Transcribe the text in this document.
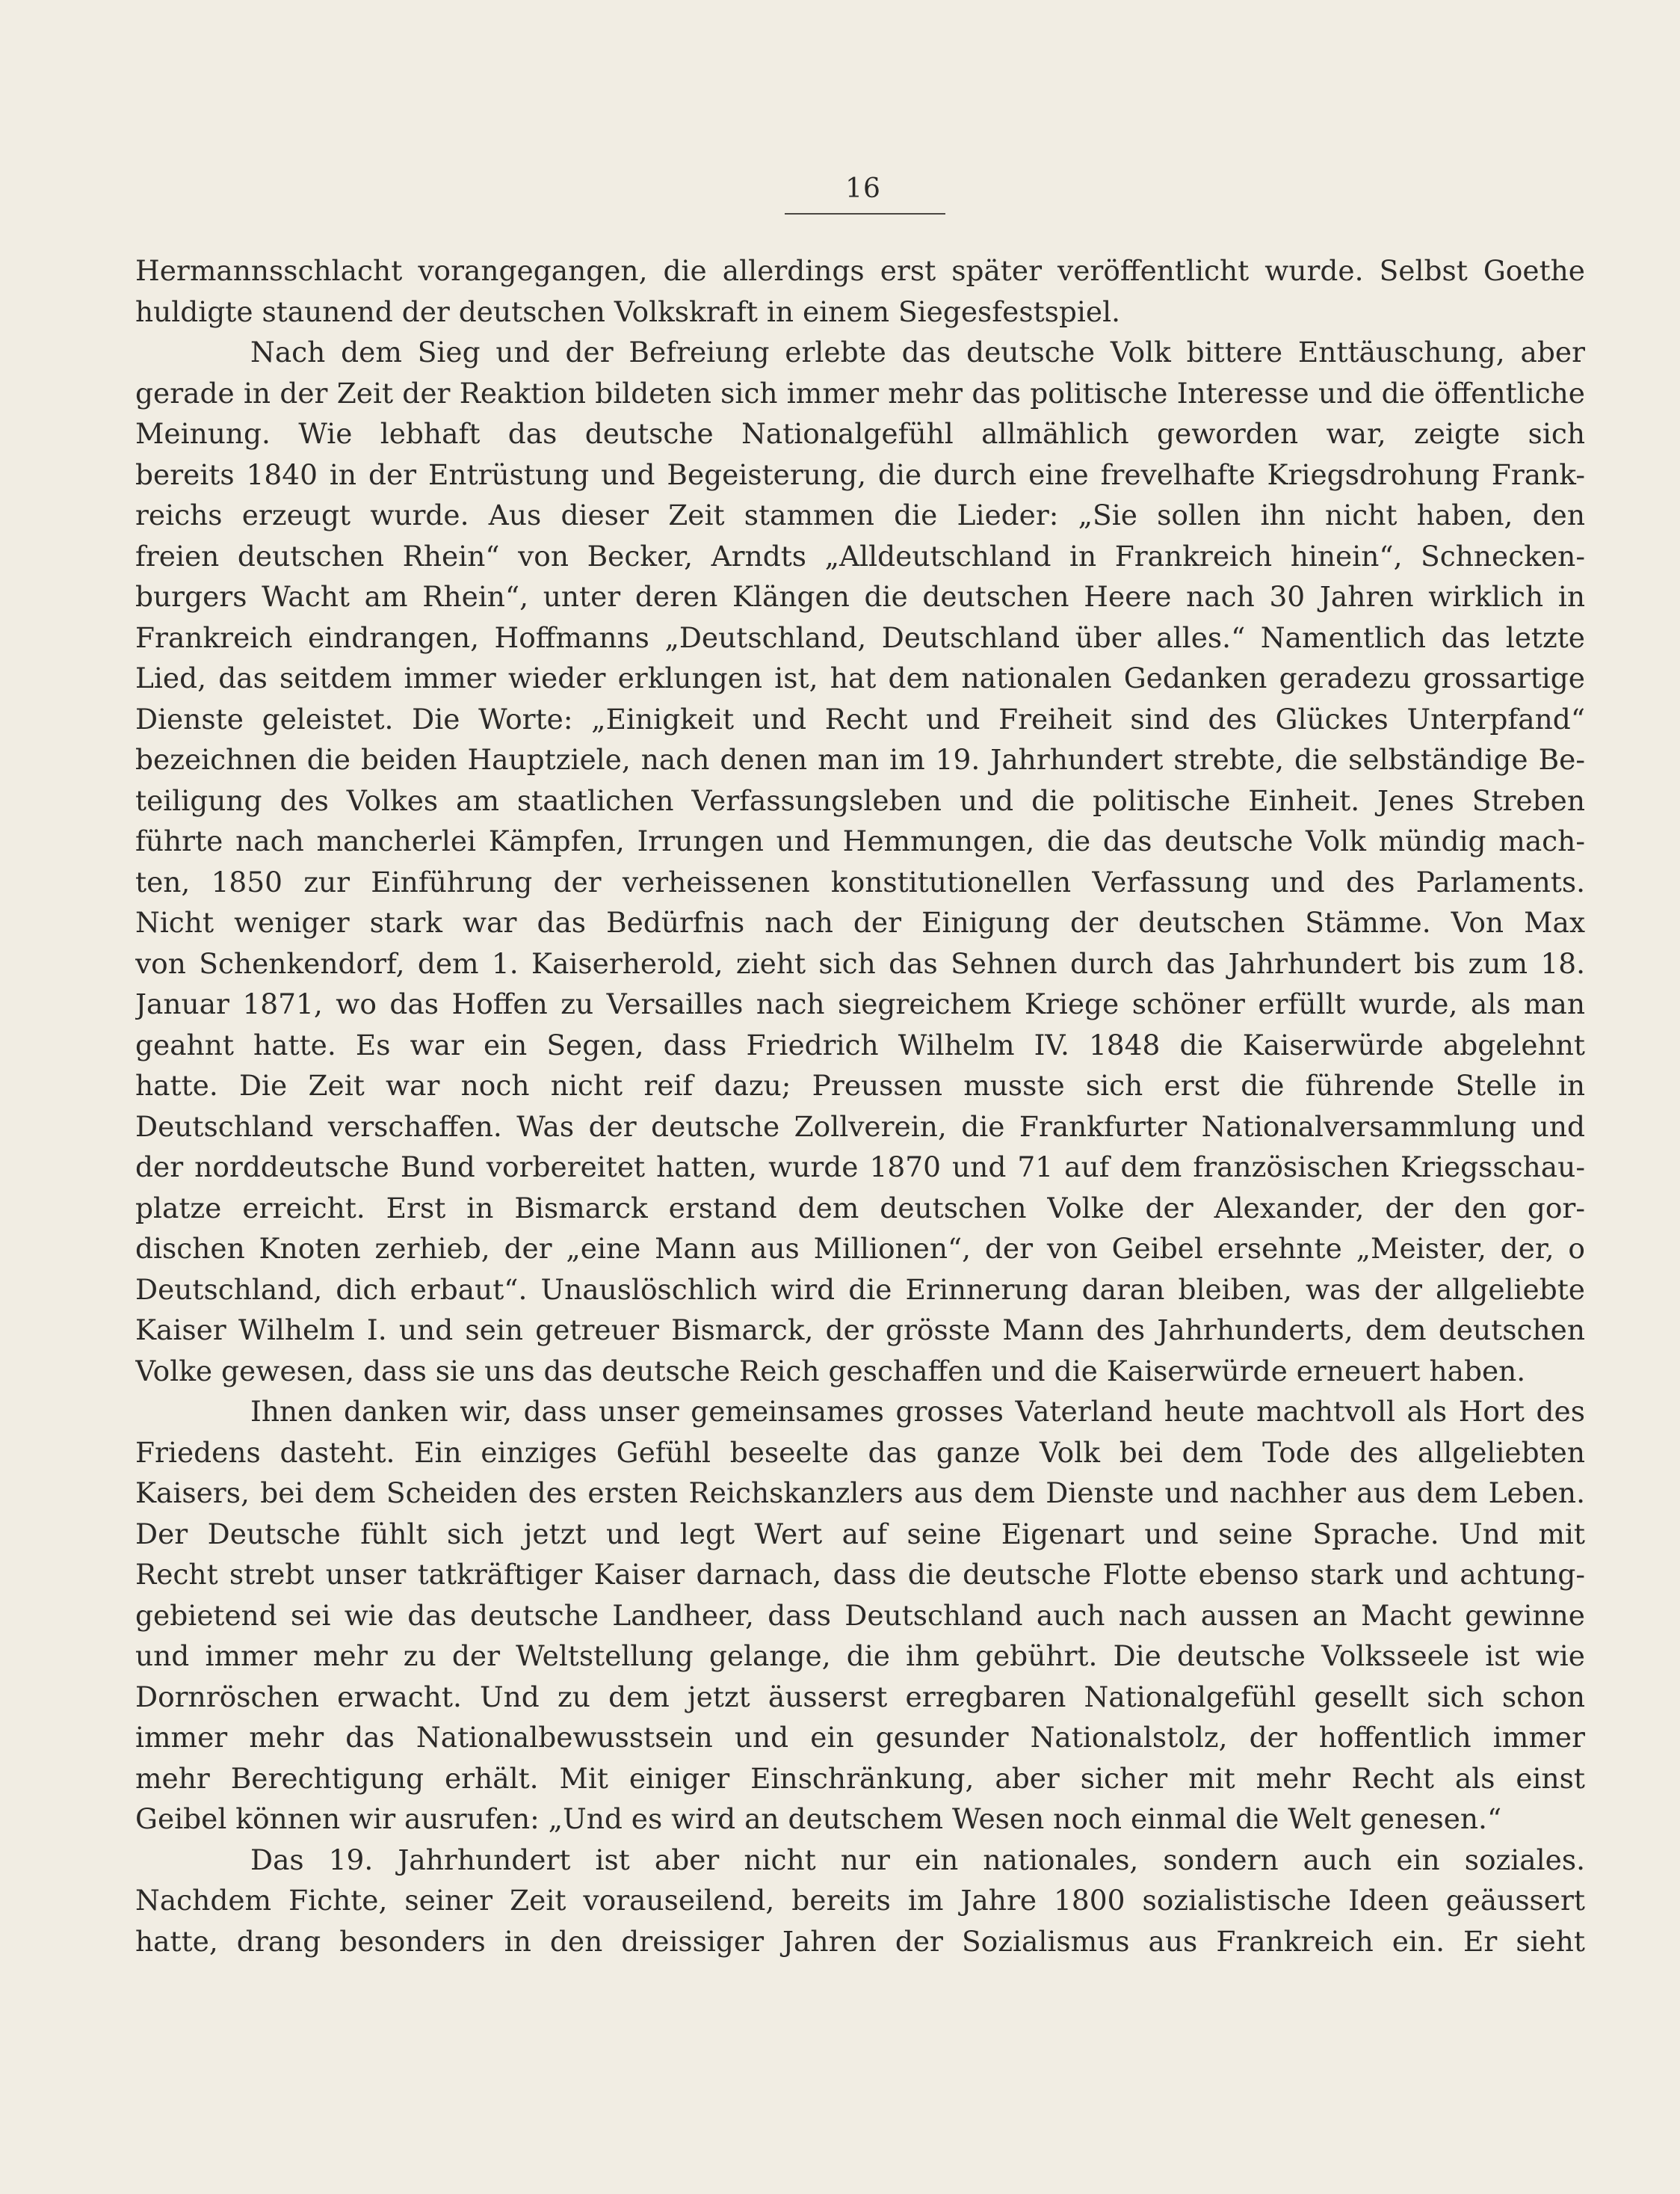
16
Hermannsschlacht vorangegangen, die allerdings erst später veröffentlicht wurde. Selbst Goethe
huldigte staunend der deutschen Volkskraft in einem Siegesfestspiel.
Nach dem Sieg und der Befreiung erlebte das deutsche Volk bittere Enttäuschung, aber
gerade in der Zeit der Reaktion bildeten sich immer mehr das politische Interesse und die öffentliche
Meinung. Wie lebhaft das deutsche Nationalgefühl allmählich geworden war, zeigte sich
bereits 1840 in der Entrüstung und Begeisterung, die durch eine frevelhafte Kriegsdrohung Frank-
reichs erzeugt wurde. Aus dieser Zeit stammen die Lieder: „Sie sollen ihn nicht haben, den
freien deutschen Rhein“ von Becker, Arndts „Alldeutschland in Frankreich hinein“, Schnecken-
burgers Wacht am Rhein“, unter deren Klängen die deutschen Heere nach 30 Jahren wirklich in
Frankreich eindrangen, Hoffmanns „Deutschland, Deutschland über alles.“ Namentlich das letzte
Lied, das seitdem immer wieder erklungen ist, hat dem nationalen Gedanken geradezu grossartige
Dienste geleistet. Die Worte: „Einigkeit und Recht und Freiheit sind des Glückes Unterpfand“
bezeichnen die beiden Hauptziele, nach denen man im 19. Jahrhundert strebte, die selbständige Be-
teiligung des Volkes am staatlichen Verfassungsleben und die politische Einheit. Jenes Streben
führte nach mancherlei Kämpfen, Irrungen und Hemmungen, die das deutsche Volk mündig mach-
ten, 1850 zur Einführung der verheissenen konstitutionellen Verfassung und des Parlaments.
Nicht weniger stark war das Bedürfnis nach der Einigung der deutschen Stämme. Von Max
von Schenkendorf, dem 1. Kaiserherold, zieht sich das Sehnen durch das Jahrhundert bis zum 18.
Januar 1871, wo das Hoffen zu Versailles nach siegreichem Kriege schöner erfüllt wurde, als man
geahnt hatte. Es war ein Segen, dass Friedrich Wilhelm IV. 1848 die Kaiserwürde abgelehnt
hatte. Die Zeit war noch nicht reif dazu; Preussen musste sich erst die führende Stelle in
Deutschland verschaffen. Was der deutsche Zollverein, die Frankfurter Nationalversammlung und
der norddeutsche Bund vorbereitet hatten, wurde 1870 und 71 auf dem französischen Kriegsschau-
platze erreicht. Erst in Bismarck erstand dem deutschen Volke der Alexander, der den gor-
dischen Knoten zerhieb, der „eine Mann aus Millionen“, der von Geibel ersehnte „Meister, der, o
Deutschland, dich erbaut“. Unauslöschlich wird die Erinnerung daran bleiben, was der allgeliebte
Kaiser Wilhelm I. und sein getreuer Bismarck, der grösste Mann des Jahrhunderts, dem deutschen
Volke gewesen, dass sie uns das deutsche Reich geschaffen und die Kaiserwürde erneuert haben.
Ihnen danken wir, dass unser gemeinsames grosses Vaterland heute machtvoll als Hort des
Friedens dasteht. Ein einziges Gefühl beseelte das ganze Volk bei dem Tode des allgeliebten
Kaisers, bei dem Scheiden des ersten Reichskanzlers aus dem Dienste und nachher aus dem Leben.
Der Deutsche fühlt sich jetzt und legt Wert auf seine Eigenart und seine Sprache. Und mit
Recht strebt unser tatkräftiger Kaiser darnach, dass die deutsche Flotte ebenso stark und achtung-
gebietend sei wie das deutsche Landheer, dass Deutschland auch nach aussen an Macht gewinne
und immer mehr zu der Weltstellung gelange, die ihm gebührt. Die deutsche Volksseele ist wie
Dornröschen erwacht. Und zu dem jetzt äusserst erregbaren Nationalgefühl gesellt sich schon
immer mehr das Nationalbewusstsein und ein gesunder Nationalstolz, der hoffentlich immer
mehr Berechtigung erhält. Mit einiger Einschränkung, aber sicher mit mehr Recht als einst
Geibel können wir ausrufen: „Und es wird an deutschem Wesen noch einmal die Welt genesen.“
Das 19. Jahrhundert ist aber nicht nur ein nationales, sondern auch ein soziales.
Nachdem Fichte, seiner Zeit vorauseilend, bereits im Jahre 1800 sozialistische Ideen geäussert
hatte, drang besonders in den dreissiger Jahren der Sozialismus aus Frankreich ein. Er sieht
